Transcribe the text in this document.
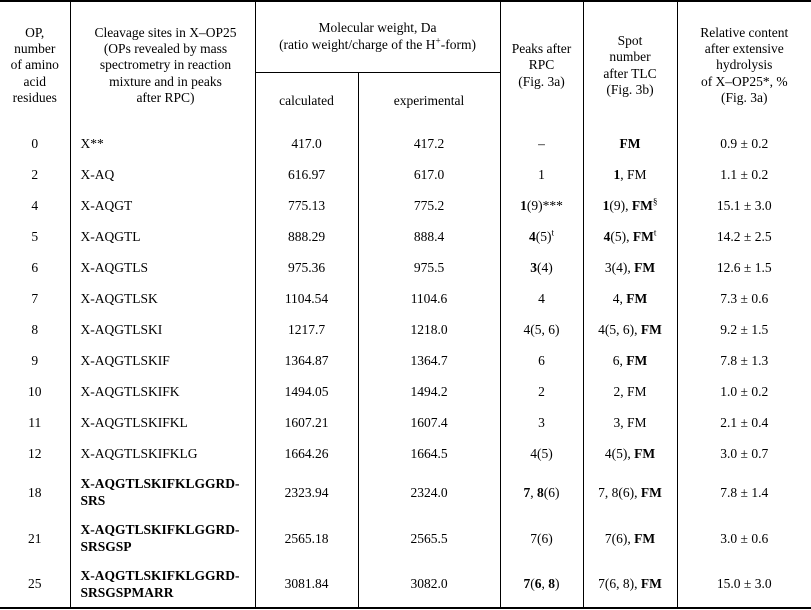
OP,
number
of amino
acid
residues	Cleavage sites in X–OP25
(OPs revealed by mass
spectrometry in reaction
mixture and in peaks
after RPC)	Molecular weight, Da
(ratio weight/charge of the H+-form)		Peaks after
RPC
(Fig. 3a)	Spot
number
after TLC
(Fig. 3b)	Relative content
after extensive
hydrolysis
of X–OP25*, %
(Fig. 3a)
		calculated	experimental			
0	X**	417.0	417.2	–	FM	0.9 ± 0.2
2	X-AQ	616.97	617.0	1	1, FM	1.1 ± 0.2
4	X-AQGT	775.13	775.2	1(9)***	1(9), FM§	15.1 ± 3.0
5	X-AQGTL	888.29	888.4	$4(5)^t$	4(5), $FM^t$	14.2 ± 2.5
6	X-AQGTLS	975.36	975.5	3(4)	3(4), FM	12.6 ± 1.5
7	X-AQGTLSK	1104.54	1104.6	4	4, FM	7.3 ± 0.6
8	X-AQGTLSKI	1217.7	1218.0	4(5, 6)	4(5, 6), FM	9.2 ± 1.5
9	X-AQGTLSKIF	1364.87	1364.7	6	6, FM	7.8 ± 1.3
10	X-AQGTLSKIFK	1494.05	1494.2	2	2, FM	1.0 ± 0.2
11	X-AQGTLSKIFKL	1607.21	1607.4	3	3, FM	2.1 ± 0.4
12	X-AQGTLSKIFKLG	1664.26	1664.5	4(5)	4(5), FM	3.0 ± 0.7
18	X-AQGTLSKIFKLGGRD-
SRS	2323.94	2324.0	7, 8(6)	7, 8(6), FM	7.8 ± 1.4
21	X-AQGTLSKIFKLGGRD-
SRSGSP	2565.18	2565.5	7(6)	7(6), FM	3.0 ± 0.6
25	X-AQGTLSKIFKLGGRD-
SRSGSPMARR	3081.84	3082.0	7(6, 8)	7(6, 8), FM	15.0 ± 3.0
